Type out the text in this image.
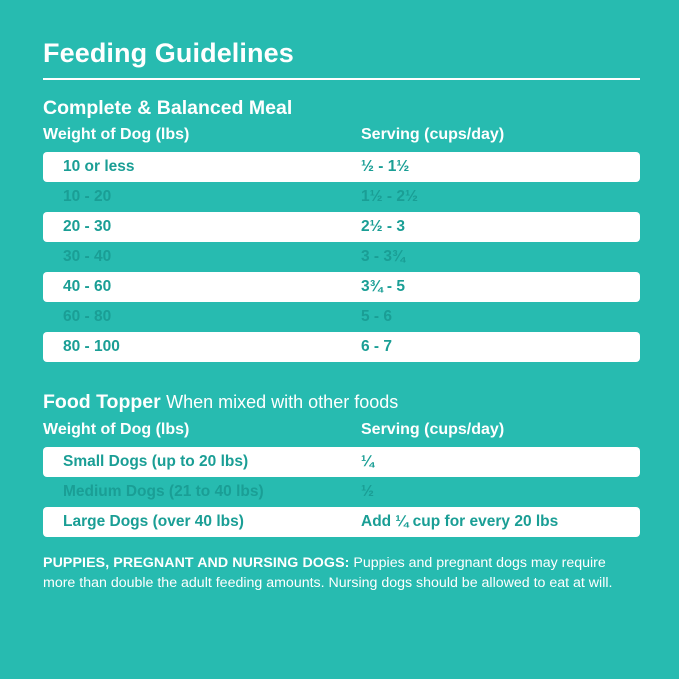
Feeding Guidelines
Complete & Balanced Meal
Weight of Dog (lbs)	Serving (cups/day)
10 or less	½ - 1½
10 - 20	1½ - 2½
20 - 30	2½ - 3
30 - 40	3 - 3¾
40 - 60	3¾ - 5
60 - 80	5 - 6
80 - 100	6 - 7
Food Topper When mixed with other foods
Weight of Dog (lbs)	Serving (cups/day)
Small Dogs (up to 20 lbs)	¼
Medium Dogs (21 to 40 lbs)	½
Large Dogs (over 40 lbs)	Add ¼ cup for every 20 lbs
PUPPIES, PREGNANT AND NURSING DOGS: Puppies and pregnant dogs may require more than double the adult feeding amounts. Nursing dogs should be allowed to eat at will.
